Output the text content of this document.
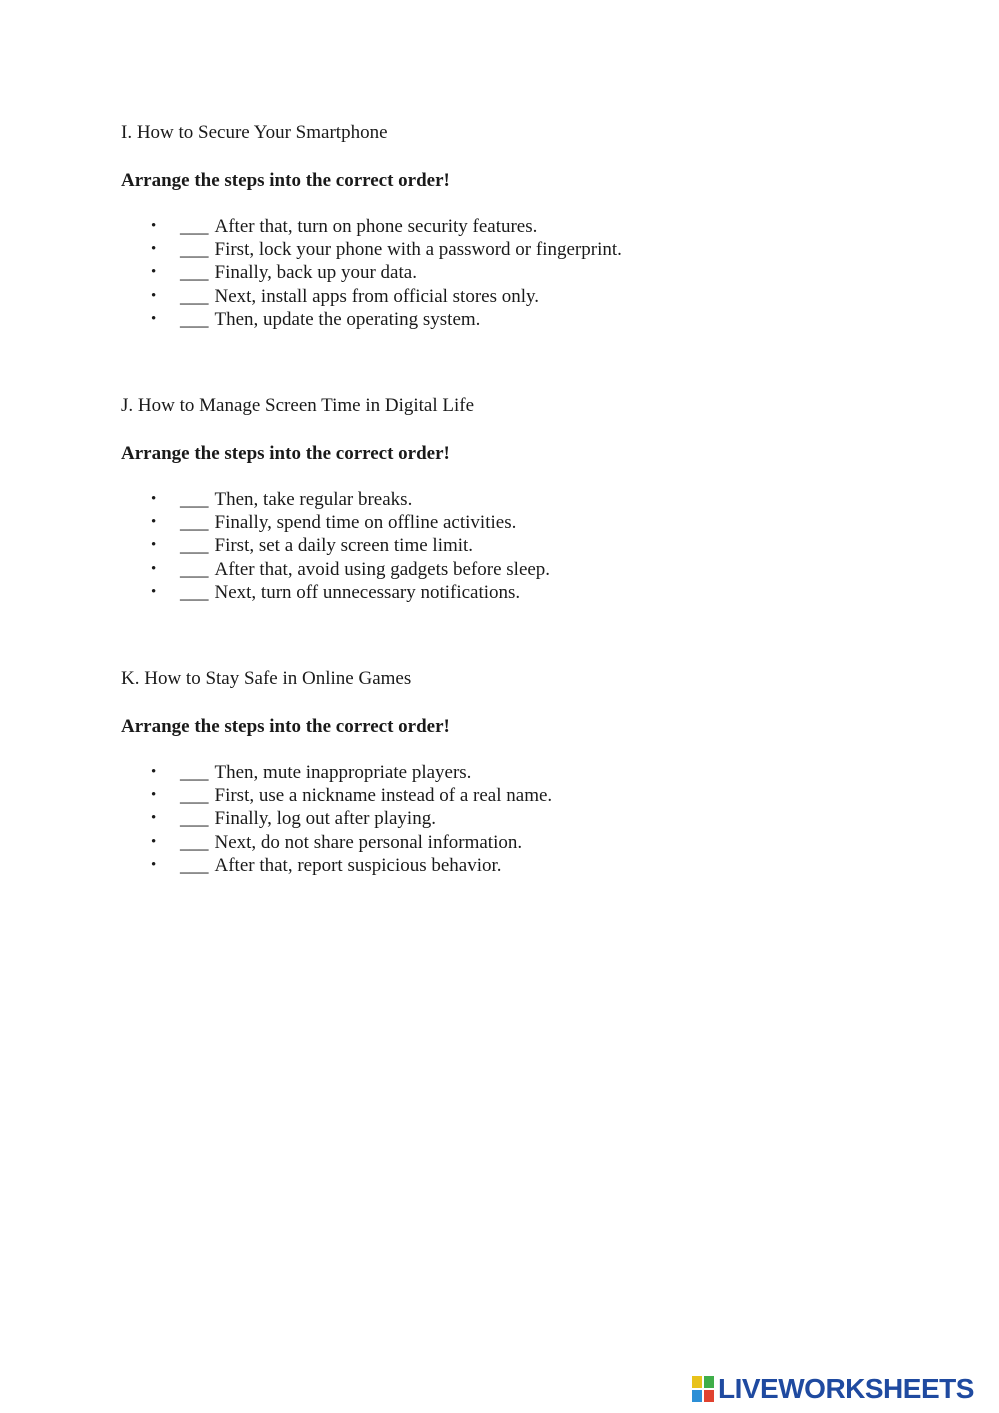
I. How to Secure Your Smartphone

Arrange the steps into the correct order!

• ___ After that, turn on phone security features.
• ___ First, lock your phone with a password or fingerprint.
• ___ Finally, back up your data.
• ___ Next, install apps from official stores only.
• ___ Then, update the operating system.
J. How to Manage Screen Time in Digital Life

Arrange the steps into the correct order!

• ___ Then, take regular breaks.
• ___ Finally, spend time on offline activities.
• ___ First, set a daily screen time limit.
• ___ After that, avoid using gadgets before sleep.
• ___ Next, turn off unnecessary notifications.
K. How to Stay Safe in Online Games

Arrange the steps into the correct order!

• ___ Then, mute inappropriate players.
• ___ First, use a nickname instead of a real name.
• ___ Finally, log out after playing.
• ___ Next, do not share personal information.
• ___ After that, report suspicious behavior.
LIVEWORKSHEETS
